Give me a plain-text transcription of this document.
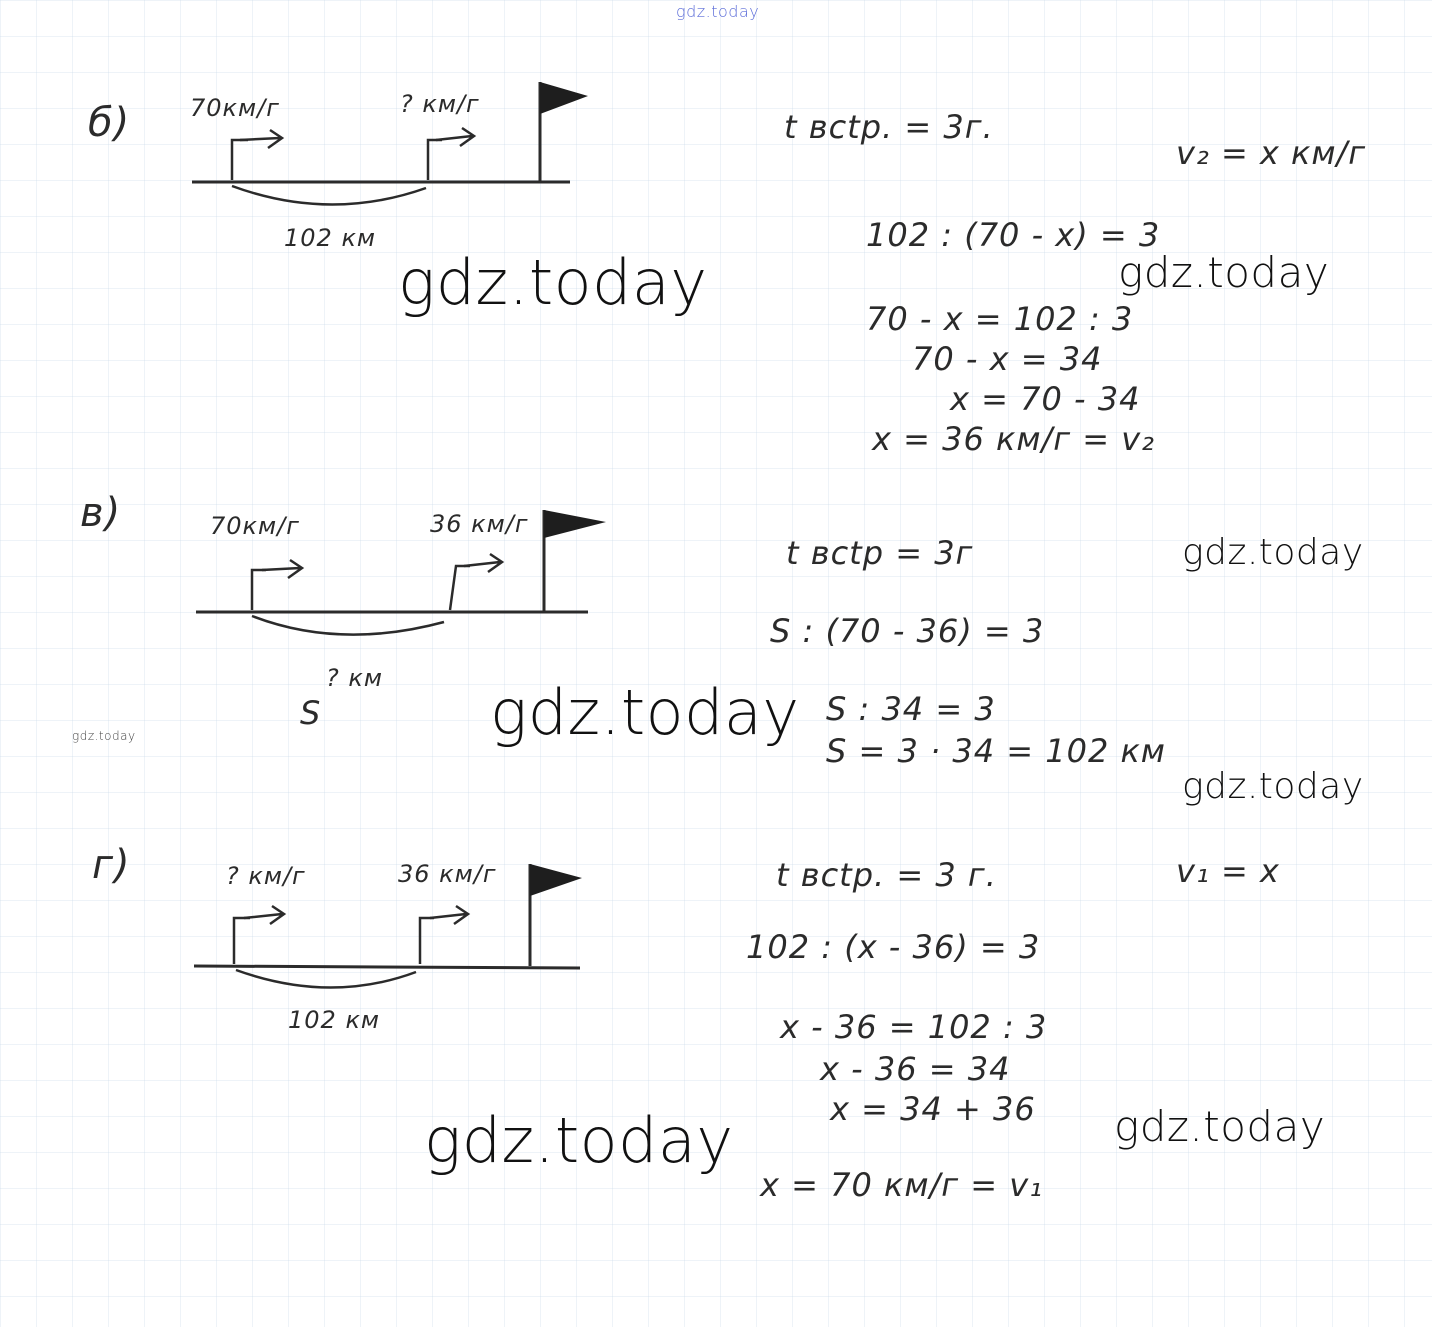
gdz.today
б) 70км/г	? км/г
102 км
t вctр. = 3г.
v₂ = x км/г
102 : (70 - x) = 3
70 - x = 102 : 3
70 - x = 34
x = 70 - 34
x = 36 км/г = v₂
gdz.today	gdz.today
в)	70км/г	36 км/г
? км
S
t вctр = 3г
S : (70 - 36) = 3
S : 34 = 3
S = 3 · 34 = 102 км
gdz.today
gdz.today
gdz.today
gdz.today
г)	? км/г	36 км/г
102 км
t вctр. = 3 г.	v₁ = x
102 : (x - 36) = 3
x - 36 = 102 : 3
x - 36 = 34
x = 34 + 36
x = 70 км/г = v₁
gdz.today	gdz.today
